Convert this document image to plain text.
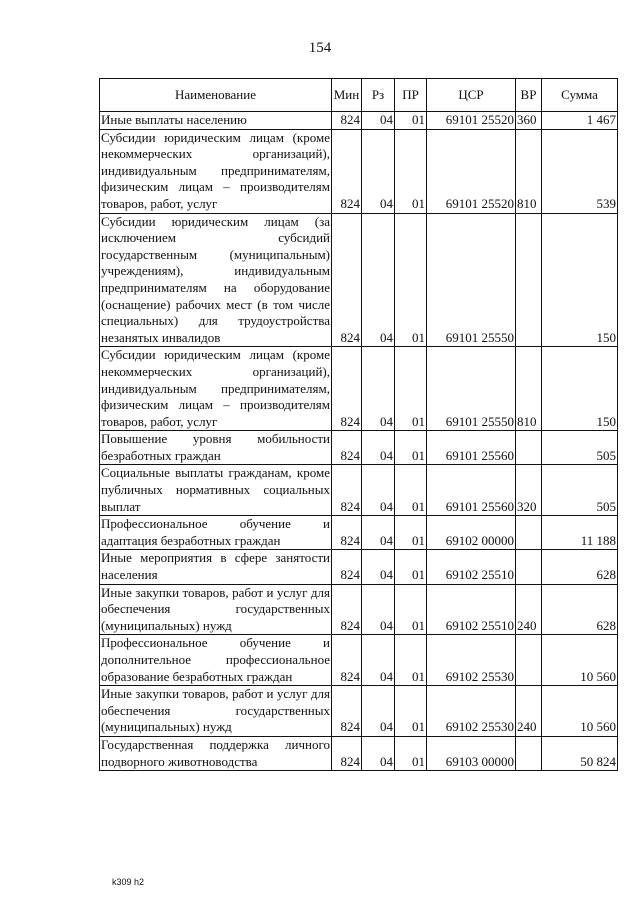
154
Наименование	Мин	Рз	ПР	ЦСР	ВР	Сумма
Иные выплаты населению	824	04	01	69101 25520	360	1 467
Субсидии юридическим лицам (кроме некоммерческих организаций), индивидуальным предпринимателям, физическим лицам – производителям товаров, работ, услуг	824	04	01	69101 25520	810	539
Субсидии юридическим лицам (за исключением субсидий государственным (муниципальным) учреждениям), индивидуальным предпринимателям на оборудование (оснащение) рабочих мест (в том числе специальных) для трудоустройства незанятых инвалидов	824	04	01	69101 25550		150
Субсидии юридическим лицам (кроме некоммерческих организаций), индивидуальным предпринимателям, физическим лицам – производителям товаров, работ, услуг	824	04	01	69101 25550	810	150
Повышение уровня мобильности безработных граждан	824	04	01	69101 25560		505
Социальные выплаты гражданам, кроме публичных нормативных социальных выплат	824	04	01	69101 25560	320	505
Профессиональное обучение и адаптация безработных граждан	824	04	01	69102 00000		11 188
Иные мероприятия в сфере занятости населения	824	04	01	69102 25510		628
Иные закупки товаров, работ и услуг для обеспечения государственных (муниципальных) нужд	824	04	01	69102 25510	240	628
Профессиональное обучение и дополнительное профессиональное образование безработных граждан	824	04	01	69102 25530		10 560
Иные закупки товаров, работ и услуг для обеспечения государственных (муниципальных) нужд	824	04	01	69102 25530	240	10 560
Государственная поддержка личного подворного животноводства	824	04	01	69103 00000		50 824
k309 h2
